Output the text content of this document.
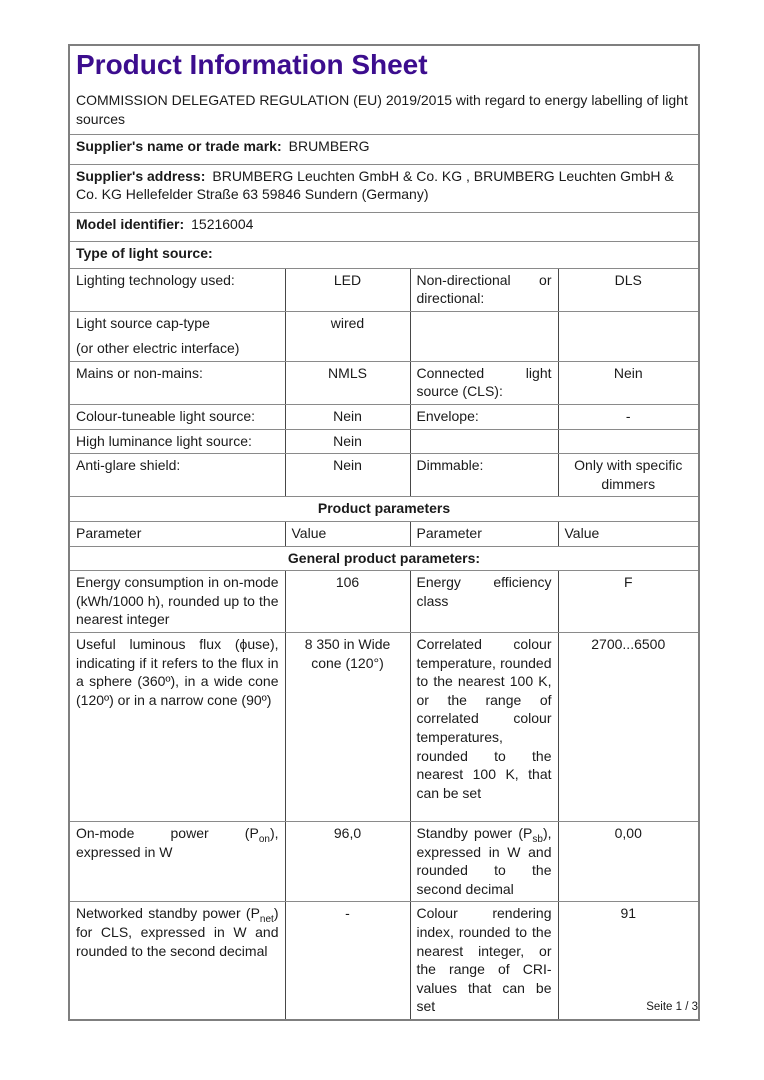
Product Information Sheet

COMMISSION DELEGATED REGULATION (EU) 2019/2015 with regard to energy labelling of light sources

Supplier's name or trade mark: BRUMBERG			
Supplier's address: BRUMBERG Leuchten GmbH & Co. KG , BRUMBERG Leuchten GmbH & Co. KG Hellefelder Straße 63 59846 Sundern (Germany)			
Model identifier: 15216004			
Type of light source:			
Lighting technology used:	LED	Non-directional or directional:	DLS

Light source cap-type
(or other electric interface)	wired		
Mains or non-mains:	NMLS	Connected light source (CLS):	Nein
Colour-tuneable light source:	Nein	Envelope:	-
High luminance light source:	Nein		
Anti-glare shield:	Nein	Dimmable:	Only with specific dimmers
Product parameters			
Parameter	Value	Parameter	Value
General product parameters:			
Energy consumption in on-mode (kWh/1000 h), rounded up to the nearest integer	106	Energy efficiency class	F
Useful luminous flux (ϕuse), indicating if it refers to the flux in a sphere (360º), in a wide cone (120º) or in a narrow cone (90º)	8 350 in Wide cone (120°)	Correlated colour temperature, rounded to the nearest 100 K, or the range of correlated colour temperatures, rounded to the nearest 100 K, that can be set	2700...6500
On-mode power $(P_{on})$, expressed in W	96,0	Standby power $(P_{sb})$, expressed in W and rounded to the second decimal	0,00
Networked standby power $(P_{net})$ for CLS, expressed in W and rounded to the second decimal	-	Colour rendering index, rounded to the nearest integer, or the range of CRI-values that can be set	91
Seite 1 / 3
